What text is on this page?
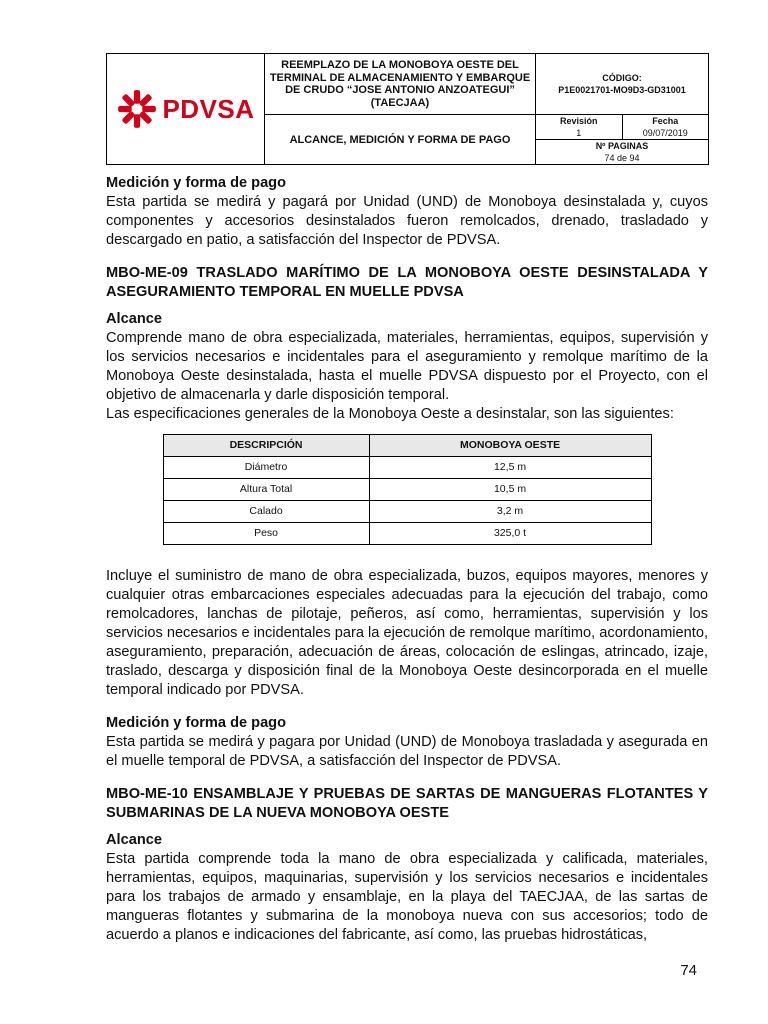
PDVSA
	REEMPLAZO DE LA MONOBOYA OESTE DEL TERMINAL DE ALMACENAMIENTO Y EMBARQUE DE CRUDO “JOSE ANTONIO ANZOATEGUI” (TAECJAA)	
CÓDIGO:
P1E0021701-MO9D3-GD31001

ALCANCE, MEDICIÓN Y FORMA DE PAGO	
Revisión	Fecha
1	09/07/2019
Nº PAGINAS
74 de 94

Medición y forma de pago

Esta partida se medirá y pagará por Unidad (UND) de Monoboya desinstalada y, cuyos componentes y accesorios desinstalados fueron remolcados, drenado, trasladado y descargado en patio, a satisfacción del Inspector de PDVSA.

MBO-ME-09 TRASLADO MARÍTIMO DE LA MONOBOYA OESTE DESINSTALADA Y ASEGURAMIENTO TEMPORAL EN MUELLE PDVSA

Alcance

Comprende mano de obra especializada, materiales, herramientas, equipos, supervisión y los servicios necesarios e incidentales para el aseguramiento y remolque marítimo de la Monoboya Oeste desinstalada, hasta el muelle PDVSA dispuesto por el Proyecto, con el objetivo de almacenarla y darle disposición temporal.

Las especificaciones generales de la Monoboya Oeste a desinstalar, son las siguientes:

DESCRIPCIÓN	MONOBOYA OESTE
Diámetro	12,5 m
Altura Total	10,5 m
Calado	3,2 m
Peso	325,0 t

Incluye el suministro de mano de obra especializada, buzos, equipos mayores, menores y cualquier otras embarcaciones especiales adecuadas para la ejecución del trabajo, como remolcadores, lanchas de pilotaje, peñeros, así como, herramientas, supervisión y los servicios necesarios e incidentales para la ejecución de remolque marítimo, acordonamiento, aseguramiento, preparación, adecuación de áreas, colocación de eslingas, atrincado, izaje, traslado, descarga y disposición final de la Monoboya Oeste desincorporada en el muelle temporal indicado por PDVSA.

Medición y forma de pago

Esta partida se medirá y pagara por Unidad (UND) de Monoboya trasladada y asegurada en el muelle temporal de PDVSA, a satisfacción del Inspector de PDVSA.

MBO-ME-10 ENSAMBLAJE Y PRUEBAS DE SARTAS DE MANGUERAS FLOTANTES Y SUBMARINAS DE LA NUEVA MONOBOYA OESTE

Alcance

Esta partida comprende toda la mano de obra especializada y calificada, materiales, herramientas, equipos, maquinarias, supervisión y los servicios necesarios e incidentales para los trabajos de armado y ensamblaje, en la playa del TAECJAA, de las sartas de mangueras flotantes y submarina de la monoboya nueva con sus accesorios; todo de acuerdo a planos e indicaciones del fabricante, así como, las pruebas hidrostáticas,

74
